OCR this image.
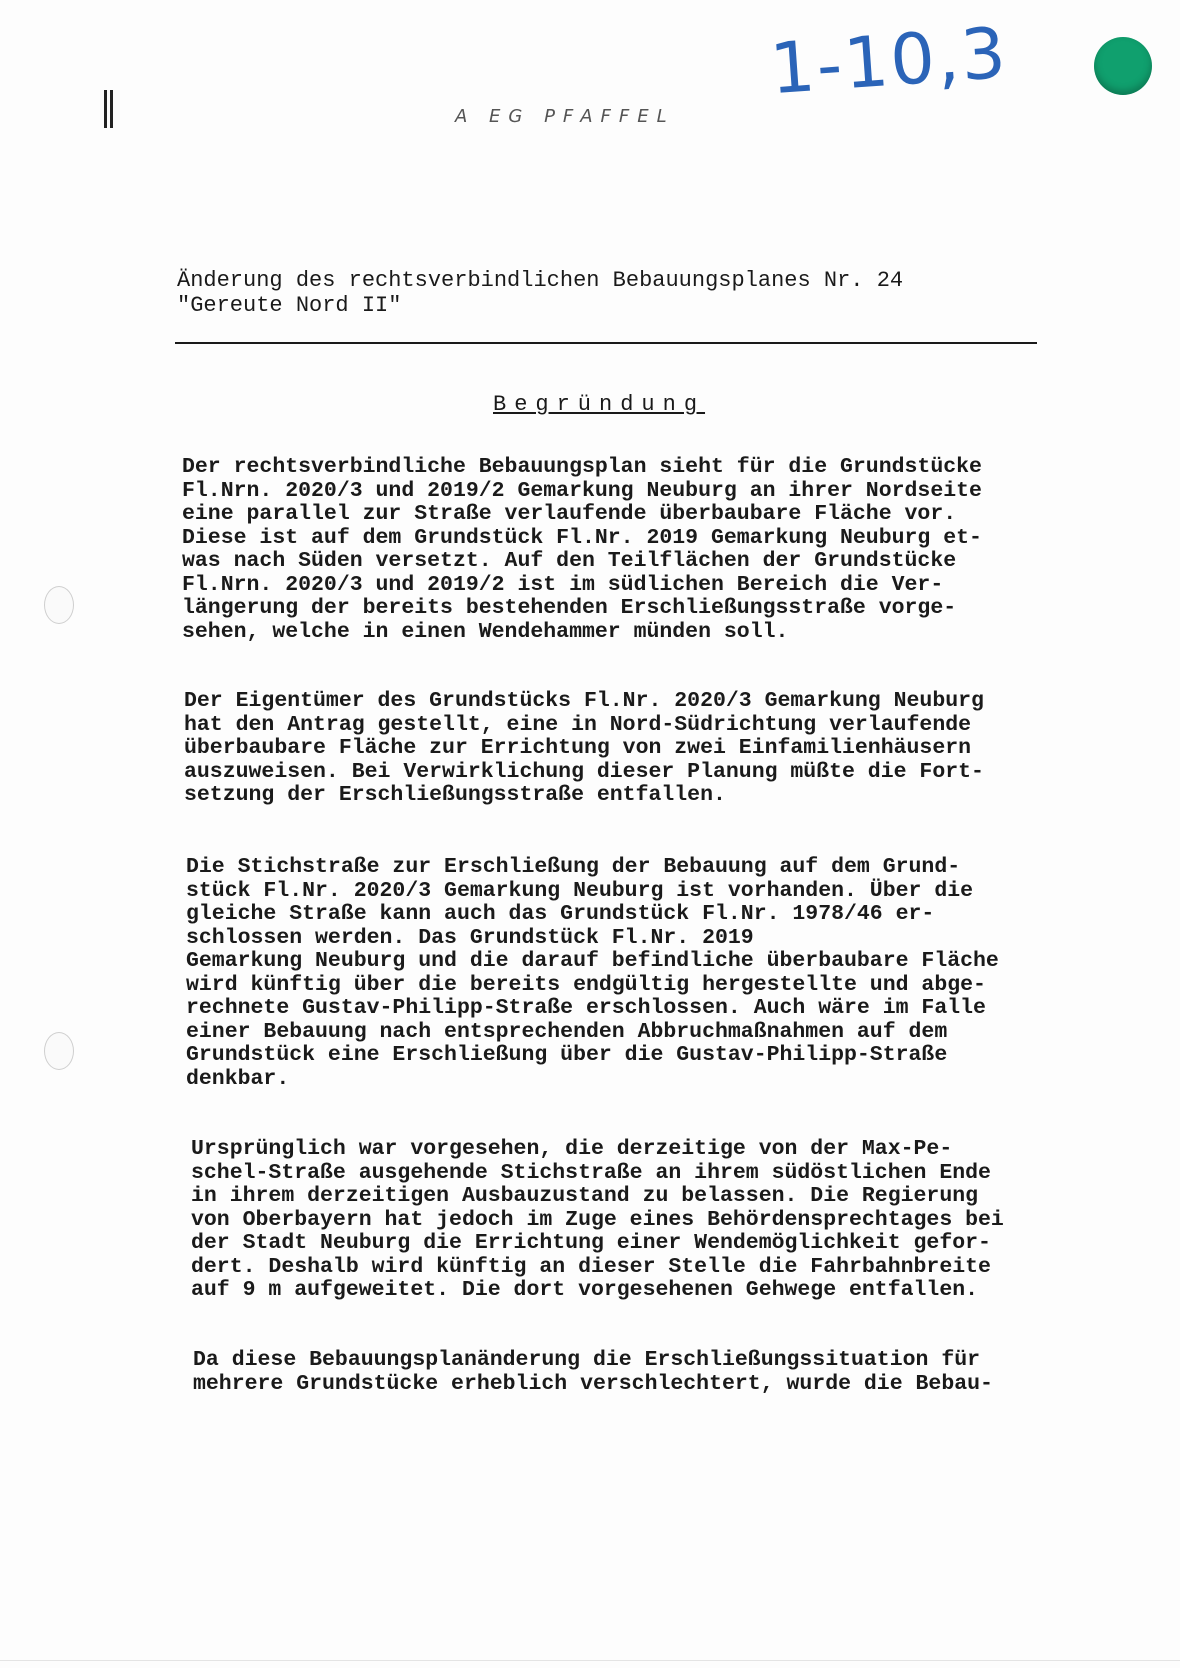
1-10,3
A EG PFAFFEL
Änderung des rechtsverbindlichen Bebauungsplanes Nr. 24
"Gereute Nord II"
Begründung
Der rechtsverbindliche Bebauungsplan sieht für die Grundstücke
Fl.Nrn. 2020/3 und 2019/2 Gemarkung Neuburg an ihrer Nordseite
eine parallel zur Straße verlaufende überbaubare Fläche vor.
Diese ist auf dem Grundstück Fl.Nr. 2019 Gemarkung Neuburg et-
was nach Süden versetzt. Auf den Teilflächen der Grundstücke
Fl.Nrn. 2020/3 und 2019/2 ist im südlichen Bereich die Ver-
längerung der bereits bestehenden Erschließungsstraße vorge-
sehen, welche in einen Wendehammer münden soll.
Der Eigentümer des Grundstücks Fl.Nr. 2020/3 Gemarkung Neuburg
hat den Antrag gestellt, eine in Nord-Südrichtung verlaufende
überbaubare Fläche zur Errichtung von zwei Einfamilienhäusern
auszuweisen. Bei Verwirklichung dieser Planung müßte die Fort-
setzung der Erschließungsstraße entfallen.
Die Stichstraße zur Erschließung der Bebauung auf dem Grund-
stück Fl.Nr. 2020/3 Gemarkung Neuburg ist vorhanden. Über die
gleiche Straße kann auch das Grundstück Fl.Nr. 1978/46 er-
schlossen werden. Das Grundstück Fl.Nr. 2019
Gemarkung Neuburg und die darauf befindliche überbaubare Fläche
wird künftig über die bereits endgültig hergestellte und abge-
rechnete Gustav-Philipp-Straße erschlossen. Auch wäre im Falle
einer Bebauung nach entsprechenden Abbruchmaßnahmen auf dem
Grundstück eine Erschließung über die Gustav-Philipp-Straße
denkbar.
Ursprünglich war vorgesehen, die derzeitige von der Max-Pe-
schel-Straße ausgehende Stichstraße an ihrem südöstlichen Ende
in ihrem derzeitigen Ausbauzustand zu belassen. Die Regierung
von Oberbayern hat jedoch im Zuge eines Behördensprechtages bei
der Stadt Neuburg die Errichtung einer Wendemöglichkeit gefor-
dert. Deshalb wird künftig an dieser Stelle die Fahrbahnbreite
auf 9 m aufgeweitet. Die dort vorgesehenen Gehwege entfallen.
Da diese Bebauungsplanänderung die Erschließungssituation für
mehrere Grundstücke erheblich verschlechtert, wurde die Bebau-
